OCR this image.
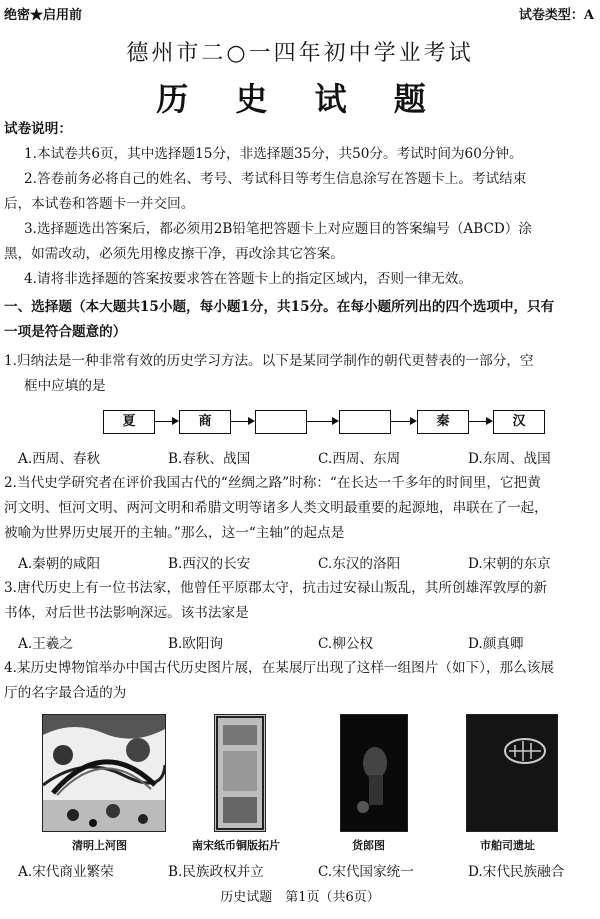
绝密★启用前	试卷类型：A
德州市二○一四年初中学业考试
历 史 试 题
试卷说明：
1.本试卷共6页，其中选择题15分，非选择题35分，共50分。考试时间为60分钟。
2.答卷前务必将自己的姓名、考号、考试科目等考生信息涂写在答题卡上。考试结束
后，本试卷和答题卡一并交回。
3.选择题选出答案后，都必须用2B铅笔把答题卡上对应题目的答案编号（ABCD）涂
黑，如需改动，必须先用橡皮擦干净，再改涂其它答案。
4.请将非选择题的答案按要求答在答题卡上的指定区域内，否则一律无效。
一、选择题（本大题共15小题，每小题1分，共15分。在每小题所列出的四个选项中，只有
一项是符合题意的）
1.归纳法是一种非常有效的历史学习方法。以下是某同学制作的朝代更替表的一部分，空
框中应填的是
夏	商	秦	汉
A.西周、春秋	B.春秋、战国	C.西周、东周	D.东周、战国
2.当代史学研究者在评价我国古代的“丝绸之路”时称：“在长达一千多年的时间里，它把黄
河文明、恒河文明、两河文明和希腊文明等诸多人类文明最重要的起源地，串联在了一起，
被喻为世界历史展开的主轴。”那么，这一“主轴”的起点是
A.秦朝的咸阳	B.西汉的长安	C.东汉的洛阳	D.宋朝的东京
3.唐代历史上有一位书法家，他曾任平原郡太守，抗击过安禄山叛乱，其所创雄浑敦厚的新
书体，对后世书法影响深远。该书法家是
A.王羲之	B.欧阳询	C.柳公权	D.颜真卿
4.某历史博物馆举办中国古代历史图片展，在某展厅出现了这样一组图片（如下），那么该展
厅的名字最合适的为
清明上河图	南宋纸币铜版拓片	货郎图	市舶司遗址
A.宋代商业繁荣	B.民族政权并立	C.宋代国家统一	D.宋代民族融合
历史试题　第1页（共6页）
